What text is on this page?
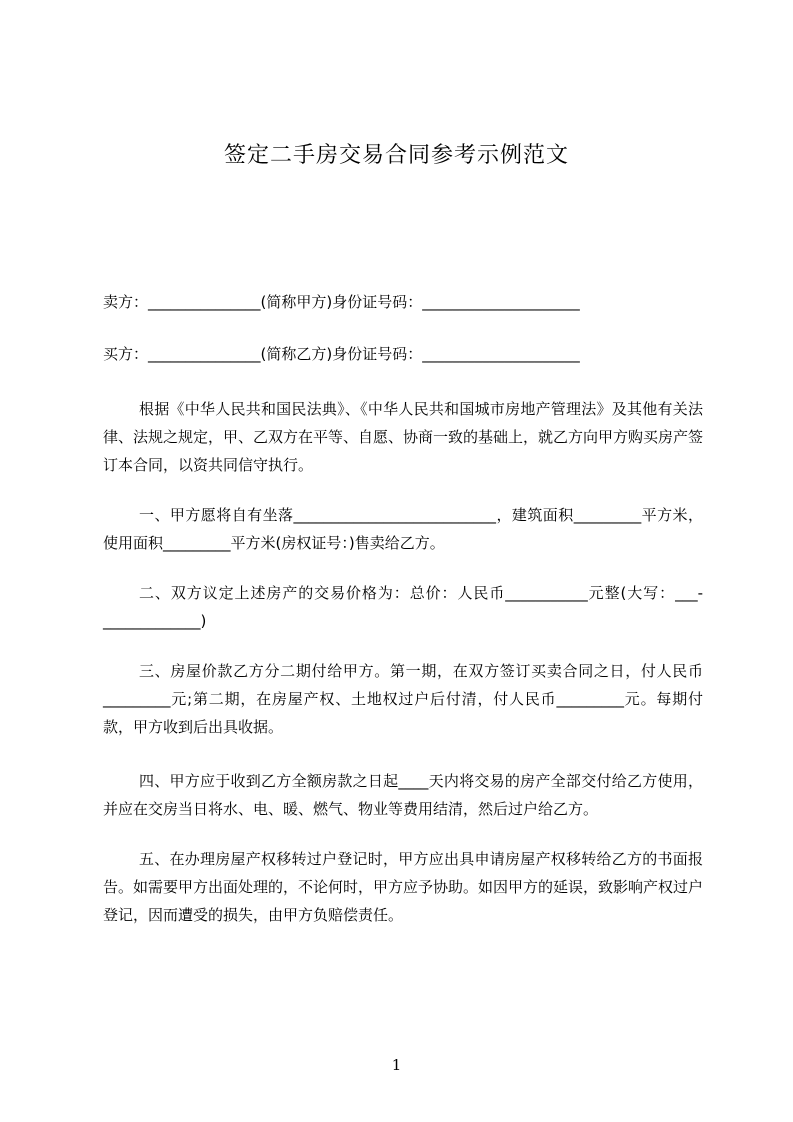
签定二手房交易合同参考示例范文
卖方：_______________(简称甲方)身份证号码：_____________________
买方：_______________(简称乙方)身份证号码：_____________________
根据《中华人民共和国民法典》、《中华人民共和国城市房地产管理法》及其他有关法律、法规之规定，甲、乙双方在平等、自愿、协商一致的基础上，就乙方向甲方购买房产签订本合同，以资共同信守执行。
一、甲方愿将自有坐落___________________________，建筑面积_________平方米，使用面积_________平方米(房权证号：)售卖给乙方。
二、双方议定上述房产的交易价格为：总价：人民币___________元整(大写：___-_____________)
三、房屋价款乙方分二期付给甲方。第一期，在双方签订买卖合同之日，付人民币_________元;第二期，在房屋产权、土地权过户后付清，付人民币_________元。每期付款，甲方收到后出具收据。
四、甲方应于收到乙方全额房款之日起____天内将交易的房产全部交付给乙方使用，并应在交房当日将水、电、暖、燃气、物业等费用结清，然后过户给乙方。
五、在办理房屋产权移转过户登记时，甲方应出具申请房屋产权移转给乙方的书面报告。如需要甲方出面处理的，不论何时，甲方应予协助。如因甲方的延误，致影响产权过户登记，因而遭受的损失，由甲方负赔偿责任。
1
